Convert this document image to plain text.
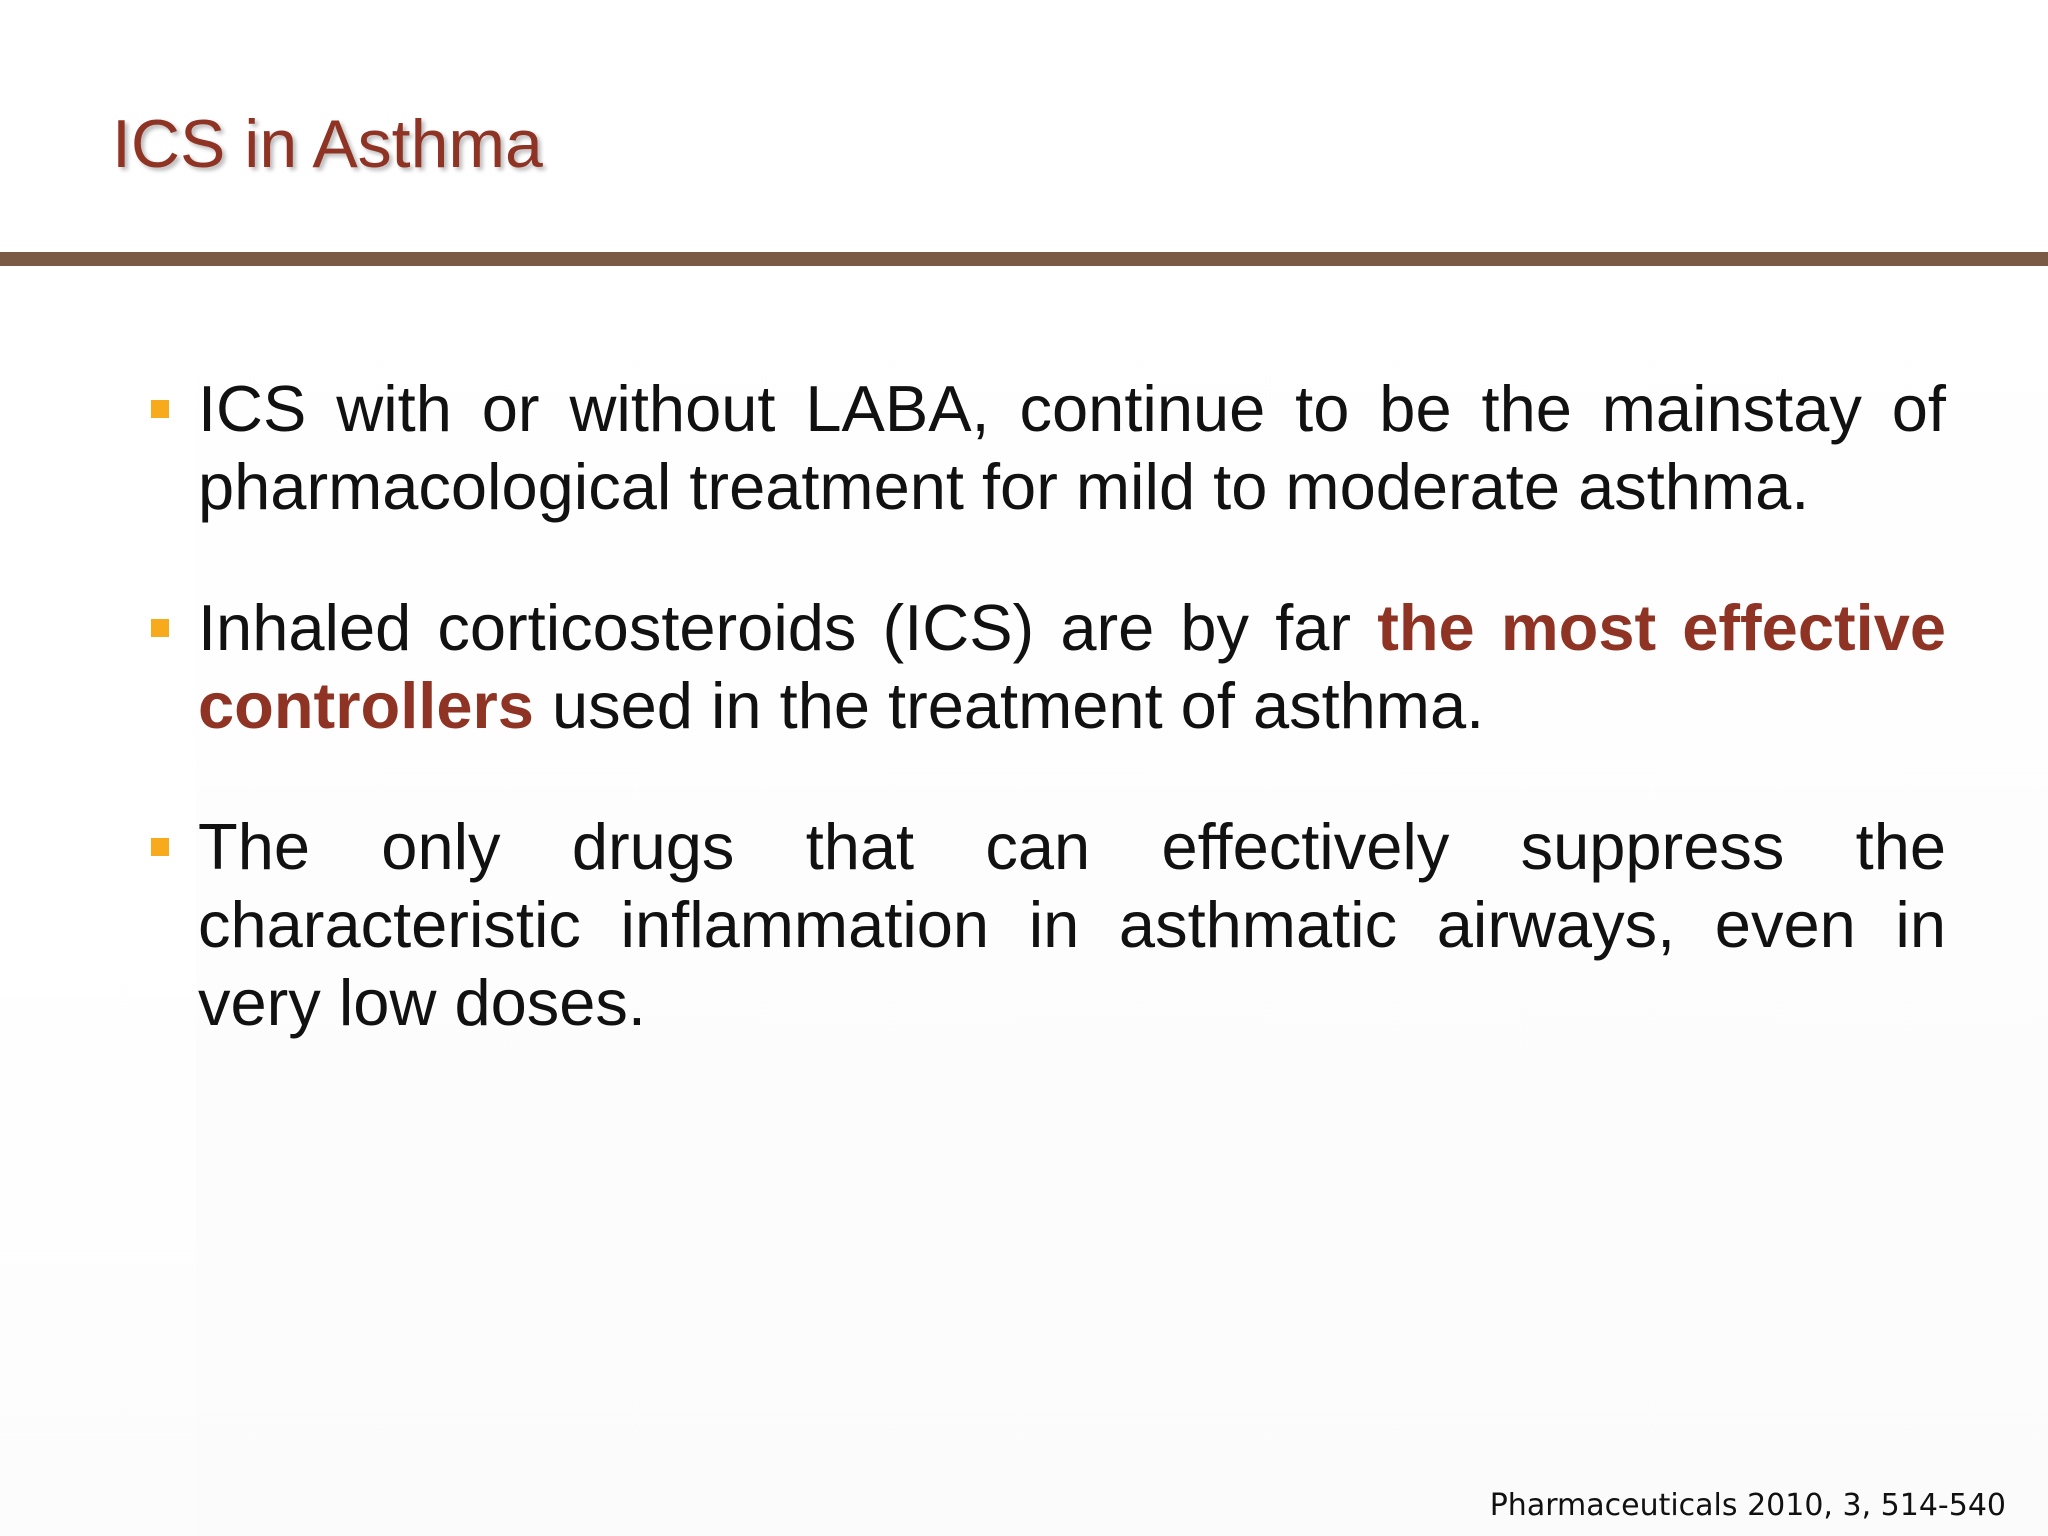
ICS in Asthma
ICS with or without LABA, continue to be the mainstay of pharmacological treatment for mild to moderate asthma.
Inhaled corticosteroids (ICS) are by far the most effective controllers used in the treatment of asthma.
The only drugs that can effectively suppress the characteristic inflammation in asthmatic airways, even in very low doses.
Pharmaceuticals 2010, 3, 514-540
